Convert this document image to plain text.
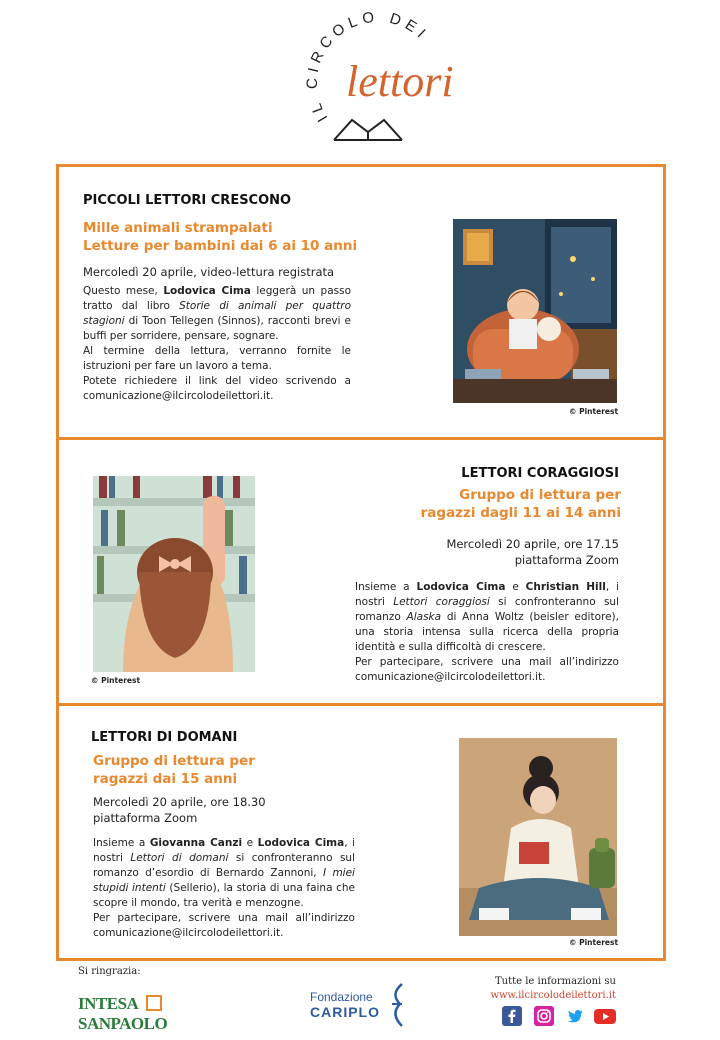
IL CIRCOLO DEI
lettori
PICCOLI LETTORI CRESCONO
Mille animali strampalati
Letture per bambini dai 6 ai 10 anni
Mercoledì 20 aprile, video-lettura registrata
Questo mese, Lodovica Cima leggerà un passo tratto dal libro Storie di animali per quattro stagioni di Toon Tellegen (Sinnos), racconti brevi e buffi per sorridere, pensare, sognare.
Al termine della lettura, verranno fornite le istruzioni per fare un lavoro a tema.
Potete richiedere il link del video scrivendo a comunicazione@ilcircolodeilettori.it.
© Pinterest
© Pinterest
LETTORI CORAGGIOSI
Gruppo di lettura per
ragazzi dagli 11 ai 14 anni
Mercoledì 20 aprile, ore 17.15
piattaforma Zoom
Insieme a Lodovica Cima e Christian Hill, i nostri Lettori coraggiosi si confronteranno sul romanzo Alaska di Anna Woltz (beisler editore), una storia intensa sulla ricerca della propria identità e sulla difficoltà di crescere.
Per partecipare, scrivere una mail all’indirizzo comunicazione@ilcircolodeilettori.it.
LETTORI DI DOMANI
Gruppo di lettura per
ragazzi dai 15 anni
Mercoledì 20 aprile, ore 18.30
piattaforma Zoom
Insieme a Giovanna Canzi e Lodovica Cima, i nostri Lettori di domani si confronteranno sul romanzo d’esordio di Bernardo Zannoni, I miei stupidi intenti (Sellerio), la storia di una faina che scopre il mondo, tra verità e menzogne.
Per partecipare, scrivere una mail all’indirizzo comunicazione@ilcircolodeilettori.it.
© Pinterest
Si ringrazia:
INTESA  SANPAOLO
Fondazione
CARIPLO
Tutte le informazioni su
www.ilcircolodeilettori.it
